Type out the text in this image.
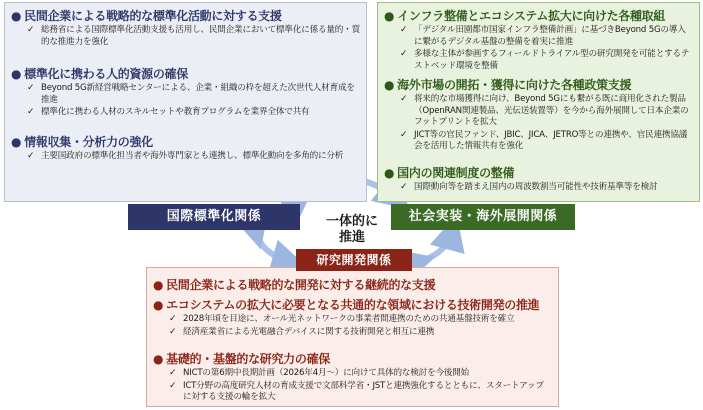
● 民間企業による戦略的な標準化活動に対する支援
✓ 総務省による国際標準化活動支援も活用し、民間企業において標準化に係る量的・質的な推進力を強化
● 標準化に携わる人的資源の確保
✓ Beyond 5G新経営戦略センターによる、企業・組織の枠を超えた次世代人材育成を推進
✓ 標準化に携わる人材のスキルセットや教育プログラムを業界全体で共有
● 情報収集・分析力の強化
✓ 主要国政府の標準化担当者や海外専門家とも連携し、標準化動向を多角的に分析
● インフラ整備とエコシステム拡大に向けた各種取組
✓ 「デジタル田園都市国家インフラ整備計画」に基づきBeyond 5Gの導入に繋がるデジタル基盤の整備を着実に推進
✓ 多様な主体が参画するフィールドトライアル型の研究開発を可能とするテストベッド環境を整備
● 海外市場の開拓・獲得に向けた各種政策支援
✓ 将来的な市場獲得に向け、Beyond 5Gにも繋がる既に商用化された製品（OpenRAN関連製品、光伝送装置等）を今から海外展開して日本企業のフットプリントを拡大
✓ JICT等の官民ファンド、JBIC、JICA、JETRO等との連携や、官民連携協議会を活用した情報共有を強化
● 国内の関連制度の整備
✓ 国際動向等を踏まえ国内の周波数割当可能性や技術基準等を検討
● 民間企業による戦略的な開発に対する継続的な支援
● エコシステムの拡大に必要となる共通的な領域における技術開発の推進
✓ 2028年頃を目途に、オール光ネットワークの事業者間連携のための共通基盤技術を確立
✓ 経済産業省による光電融合デバイスに関する技術開発と相互に連携
● 基礎的・基盤的な研究力の確保
✓ NICTの第6期中長期計画（2026年4月～）に向けて具体的な検討を今後開始
✓ ICT分野の高度研究人材の育成支援で文部科学省・JSTと連携強化するとともに、スタートアップに対する支援の輪を拡大
国際標準化関係	社会実装・海外展開関係
研究開発関係
一体的に
推進
